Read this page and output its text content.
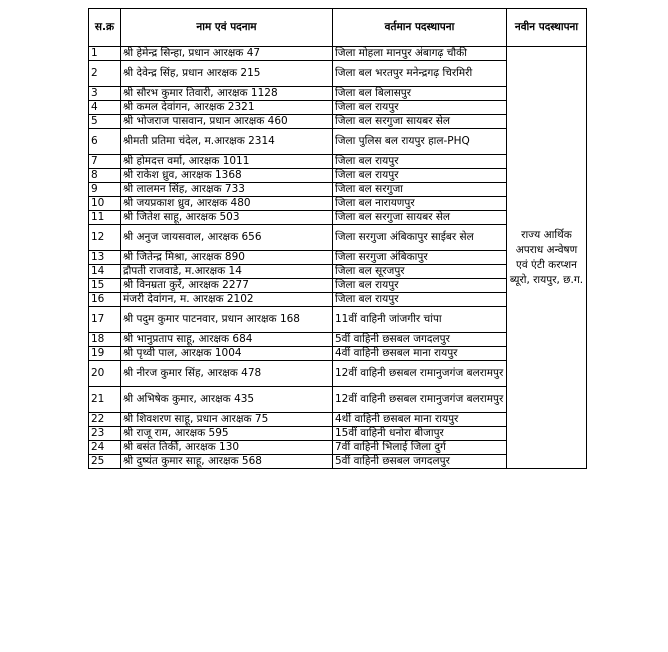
स.क्र	नाम एवं पदनाम	वर्तमान पदस्थापना	नवीन पदस्थापना
1	श्री हेमेन्द्र सिन्हा, प्रधान आरक्षक 47	जिला मोहला मानपुर अंबागढ़ चौकी	राज्य आर्थिक अपराध अन्वेषण एवं एंटी करप्शन ब्यूरो, रायपुर, छ.ग.
2	श्री देवेन्द्र सिंह, प्रधान आरक्षक 215	जिला बल भरतपुर मनेन्द्रगढ़ चिरमिरी	
3	श्री सौरभ कुमार तिवारी, आरक्षक 1128	जिला बल बिलासपुर	
4	श्री कमल देवांगन, आरक्षक 2321	जिला बल रायपुर	
5	श्री भोजराज पासवान, प्रधान आरक्षक 460	जिला बल सरगुजा सायबर सेल	
6	श्रीमती प्रतिमा चंदेल, म.आरक्षक 2314	जिला पुलिस बल रायपुर हाल-PHQ	
7	श्री होमदत्त वर्मा, आरक्षक 1011	जिला बल रायपुर	
8	श्री राकेश ध्रुव, आरक्षक 1368	जिला बल रायपुर	
9	श्री लालमन सिंह, आरक्षक 733	जिला बल सरगुजा	
10	श्री जयप्रकाश ध्रुव, आरक्षक 480	जिला बल नारायणपुर	
11	श्री जितेश साहू, आरक्षक 503	जिला बल सरगुजा सायबर सेल	
12	श्री अनुज जायसवाल, आरक्षक 656	जिला सरगुजा अंबिकापुर साईबर सेल	
13	श्री जितेन्द्र मिश्रा, आरक्षक 890	जिला सरगुजा अंबिकापुर	
14	द्रौपती राजवाडे, म.आरक्षक 14	जिला बल सूरजपुर	
15	श्री विनम्रता कुर्रे, आरक्षक 2277	जिला बल रायपुर	
16	मंजरी देवांगन, म. आरक्षक 2102	जिला बल रायपुर	
17	श्री पदुम कुमार पाटनवार, प्रधान आरक्षक 168	11वीं वाहिनी जांजगीर चांपा	
18	श्री भानुप्रताप साहू, आरक्षक 684	5वीं वाहिनी छसबल जगदलपुर	
19	श्री पृथ्वी पाल, आरक्षक 1004	4वीं वाहिनी छसबल माना रायपुर	
20	श्री नीरज कुमार सिंह, आरक्षक 478	12वीं वाहिनी छसबल रामानुजगंज बलरामपुर	
21	श्री अभिषेक कुमार, आरक्षक 435	12वीं वाहिनी छसबल रामानुजगंज बलरामपुर	
22	श्री शिवशरण साहू, प्रधान आरक्षक 75	4र्थी वाहिनी छसबल माना रायपुर	
23	श्री राजू राम, आरक्षक 595	15वीं वाहिनी धनोरा बीजापुर	
24	श्री बसंत तिर्की, आरक्षक 130	7वीं वाहिनी भिलाई जिला दुर्ग	
25	श्री दुष्यंत कुमार साहू, आरक्षक 568	5वीं वाहिनी छसबल जगदलपुर	
